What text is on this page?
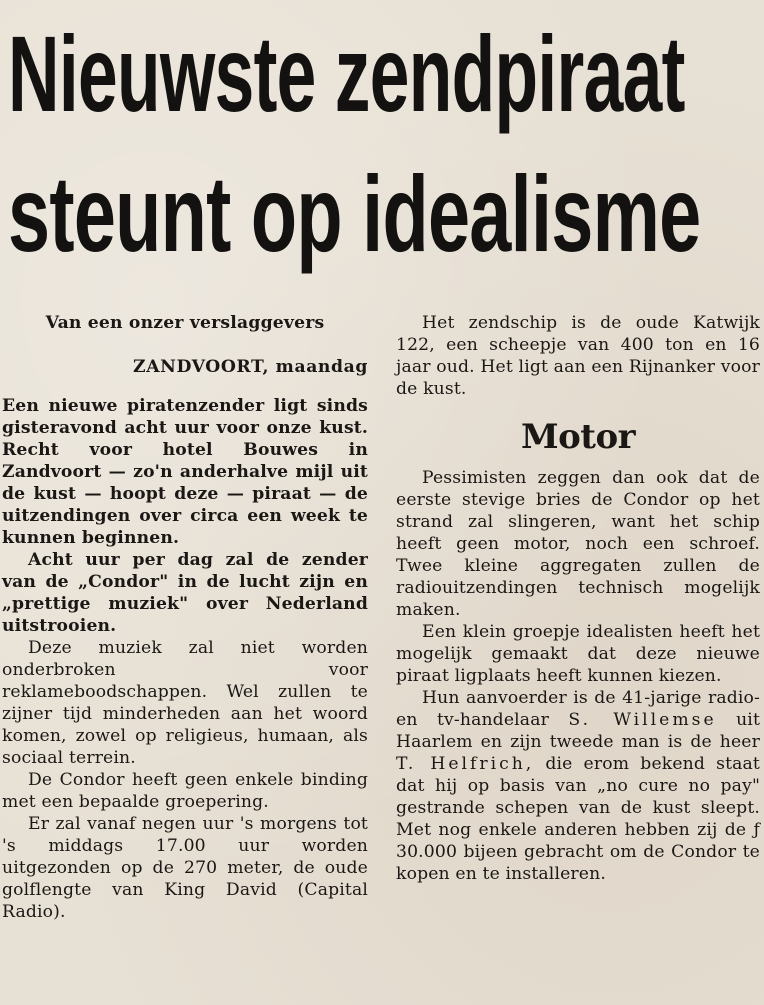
Nieuwste zendpiraat
steunt op idealisme

Van een onzer verslaggevers

ZANDVOORT, maandag

Een nieuwe piratenzender ligt sinds gisteravond acht uur voor onze kust. Recht voor hotel Bouwes in Zandvoort — zo'n anderhalve mijl uit de kust — hoopt deze — piraat — de uitzendingen over circa een week te kunnen beginnen.

Acht uur per dag zal de zender van de „Condor" in de lucht zijn en „prettige muziek" over Nederland uitstrooien.

Deze muziek zal niet worden onderbroken voor reklameboodschappen. Wel zullen te zijner tijd minderheden aan het woord komen, zowel op religieus, humaan, als sociaal terrein.

De Condor heeft geen enkele binding met een bepaalde groepering.

Er zal vanaf negen uur 's morgens tot 's middags 17.00 uur worden uitgezonden op de 270 meter, de oude golflengte van King David (Capital Radio).

Het zendschip is de oude Katwijk 122, een scheepje van 400 ton en 16 jaar oud. Het ligt aan een Rijnanker voor de kust.

Motor

Pessimisten zeggen dan ook dat de eerste stevige bries de Condor op het strand zal slingeren, want het schip heeft geen motor, noch een schroef. Twee kleine aggregaten zullen de radiouitzendingen technisch mogelijk maken.

Een klein groepje idealisten heeft het mogelijk gemaakt dat deze nieuwe piraat ligplaats heeft kunnen kiezen.

Hun aanvoerder is de 41-jarige radio- en tv-handelaar S. Willemse uit Haarlem en zijn tweede man is de heer T. Helfrich, die erom bekend staat dat hij op basis van „no cure no pay" gestrande schepen van de kust sleept. Met nog enkele anderen hebben zij de ƒ 30.000 bijeen gebracht om de Condor te kopen en te installeren.
